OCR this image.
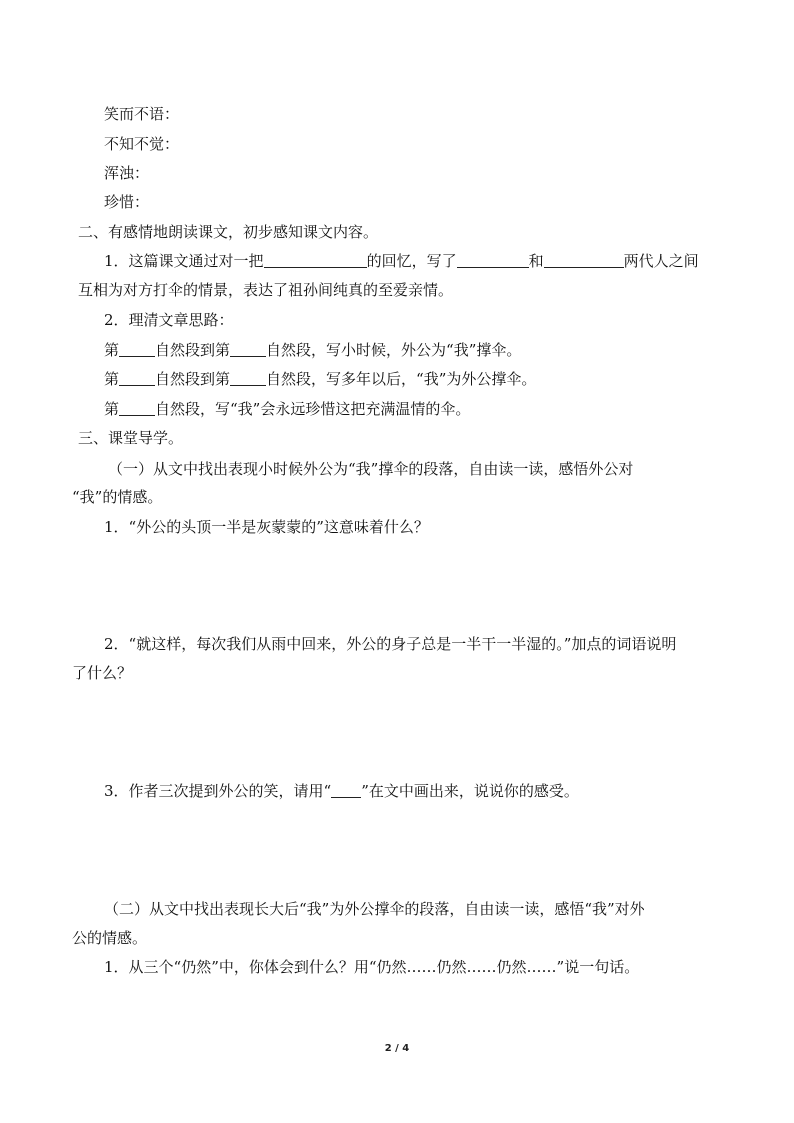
笑而不语：
不知不觉：
浑浊：
珍惜：
二、有感情地朗读课文，初步感知课文内容。
1．这篇课文通过对一把	的回忆，写了	和	两代人之间
互相为对方打伞的情景，表达了祖孙间纯真的至爱亲情。
2．理清文章思路：
第 自然段到第 自然段，写小时候，外公为“我”撑伞。
第 自然段到第 自然段，写多年以后，“我”为外公撑伞。
第 自然段，写“我”会永远珍惜这把充满温情的伞。
三、课堂导学。
（一）从文中找出表现小时候外公为“我”撑伞的段落，自由读一读，感悟外公对
“我”的情感。
1．“外公的头顶一半是灰蒙蒙的”这意味着什么？
2．“就这样，每次我们从雨中回来，外公的身子总是一半干一半湿的。”加点的词语说明
了什么？
3．作者三次提到外公的笑，请用“ ”在文中画出来，说说你的感受。
（二）从文中找出表现长大后“我”为外公撑伞的段落，自由读一读，感悟“我”对外
公的情感。
1．从三个“仍然”中，你体会到什么？用“仍然……仍然……仍然……”说一句话。
2 / 4
